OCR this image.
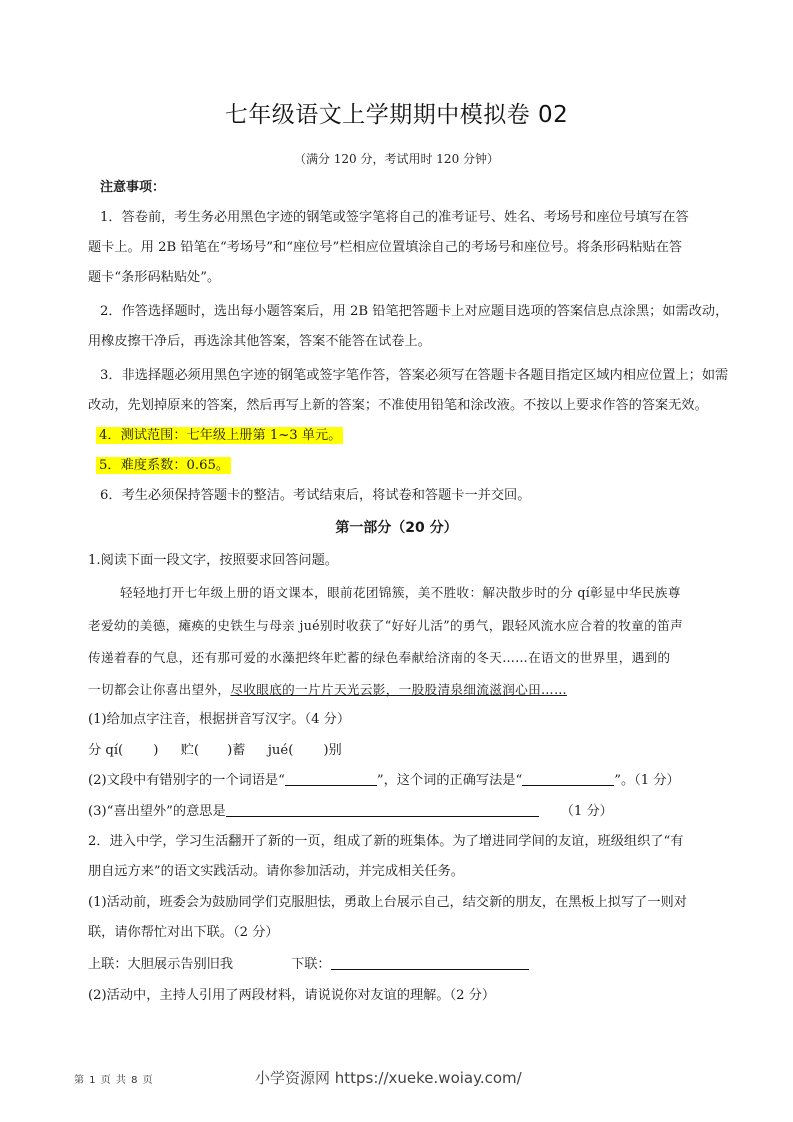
七年级语文上学期期中模拟卷 02
（满分 120 分，考试用时 120 分钟）
注意事项：
1．答卷前，考生务必用黑色字迹的钢笔或签字笔将自己的准考证号、姓名、考场号和座位号填写在答
题卡上。用 2B 铅笔在“考场号”和“座位号”栏相应位置填涂自己的考场号和座位号。将条形码粘贴在答
题卡“条形码粘贴处”。
2．作答选择题时，选出每小题答案后，用 2B 铅笔把答题卡上对应题目选项的答案信息点涂黑；如需改动，
用橡皮擦干净后，再选涂其他答案，答案不能答在试卷上。
3．非选择题必须用黑色字迹的钢笔或签字笔作答，答案必须写在答题卡各题目指定区域内相应位置上；如需
改动，先划掉原来的答案，然后再写上新的答案；不准使用铅笔和涂改液。不按以上要求作答的答案无效。
4．测试范围：七年级上册第 1~3 单元。
5．难度系数：0.65。
6．考生必须保持答题卡的整洁。考试结束后，将试卷和答题卡一并交回。
第一部分（20 分）
1.阅读下面一段文字，按照要求回答问题。
轻轻地打开七年级上册的语文课本，眼前花团锦簇，美不胜收：解决散步时的分 qí彰显中华民族尊
老爱幼的美德，瘫痪的史铁生与母亲 jué别时收获了“好好儿活”的勇气，跟轻风流水应合着的牧童的笛声
传递着春的气息，还有那可爱的水藻把终年贮蓄的绿色奉献给济南的冬天……在语文的世界里，遇到的
一切都会让你喜出望外，尽收眼底的一片片天光云影，一股股清泉细流滋润心田……
(1)给加点字注音，根据拼音写汉字。（4 分）
分 qí( ) 贮( )蓄 jué( )别
(2)文段中有错别字的一个词语是“	”，这个词的正确写法是“	”。（1 分）
(3)“喜出望外”的意思是	（1 分）
2．进入中学，学习生活翻开了新的一页，组成了新的班集体。为了增进同学间的友谊，班级组织了“有
朋自远方来”的语文实践活动。请你参加活动，并完成相关任务。
(1)活动前，班委会为鼓励同学们克服胆怯，勇敢上台展示自己，结交新的朋友，在黑板上拟写了一则对
联，请你帮忙对出下联。（2 分）
上联：大胆展示告别旧我	下联：
(2)活动中，主持人引用了两段材料，请说说你对友谊的理解。（2 分）
第 1 页 共 8 页	小学资源网 https://xueke.woiay.com/
